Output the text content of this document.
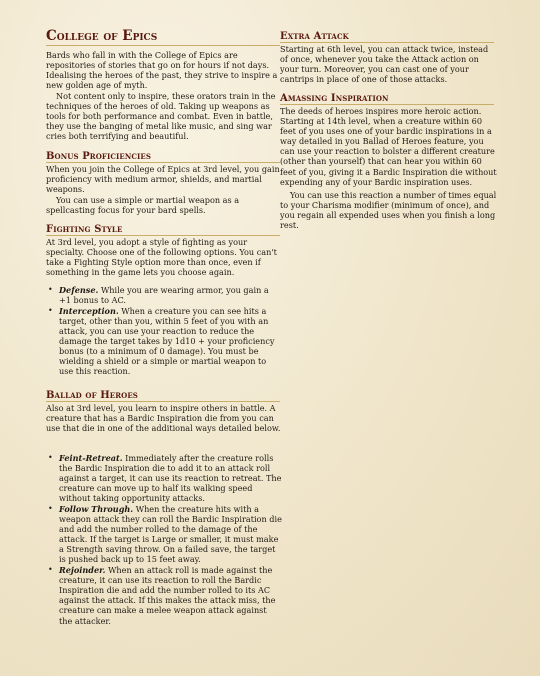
College of Epics

Bards who fall in with the College of Epics are repositories of stories that go on for hours if not days. Idealising the heroes of the past, they strive to inspire a new golden age of myth.

Not content only to inspire, these orators train in the techniques of the heroes of old. Taking up weapons as tools for both performance and combat. Even in battle, they use the banging of metal like music, and sing war cries both terrifying and beautiful.

Bonus Proficiencies

When you join the College of Epics at 3rd level, you gain proficiency with medium armor, shields, and martial weapons.

You can use a simple or martial weapon as a spellcasting focus for your bard spells.

Fighting Style

At 3rd level, you adopt a style of fighting as your specialty. Choose one of the following options. You can't take a Fighting Style option more than once, even if something in the game lets you choose again.

• Defense. While you are wearing armor, you gain a +1 bonus to AC.
• Interception. When a creature you can see hits a target, other than you, within 5 feet of you with an attack, you can use your reaction to reduce the damage the target takes by 1d10 + your proficiency bonus (to a minimum of 0 damage). You must be wielding a shield or a simple or martial weapon to use this reaction.
Ballad of Heroes

Also at 3rd level, you learn to inspire others in battle. A creature that has a Bardic Inspiration die from you can use that die in one of the additional ways detailed below.

• Feint-Retreat. Immediately after the creature rolls the Bardic Inspiration die to add it to an attack roll against a target, it can use its reaction to retreat. The creature can move up to half its walking speed without taking opportunity attacks.
• Follow Through. When the creature hits with a weapon attack they can roll the Bardic Inspiration die and add the number rolled to the damage of the attack. If the target is Large or smaller, it must make a Strength saving throw. On a failed save, the target is pushed back up to 15 feet away.
• Rejoinder. When an attack roll is made against the creature, it can use its reaction to roll the Bardic Inspiration die and add the number rolled to its AC against the attack. If this makes the attack miss, the creature can make a melee weapon attack against the attacker.
Extra Attack

Starting at 6th level, you can attack twice, instead of once, whenever you take the Attack action on your turn. Moreover, you can cast one of your cantrips in place of one of those attacks.

Amassing Inspiration

The deeds of heroes inspires more heroic action. Starting at 14th level, when a creature within 60 feet of you uses one of your bardic inspirations in a way detailed in you Ballad of Heroes feature, you can use your reaction to bolster a different creature (other than yourself) that can hear you within 60 feet of you, giving it a Bardic Inspiration die without expending any of your Bardic inspiration uses.

You can use this reaction a number of times equal to your Charisma modifier (minimum of once), and you regain all expended uses when you finish a long rest.
